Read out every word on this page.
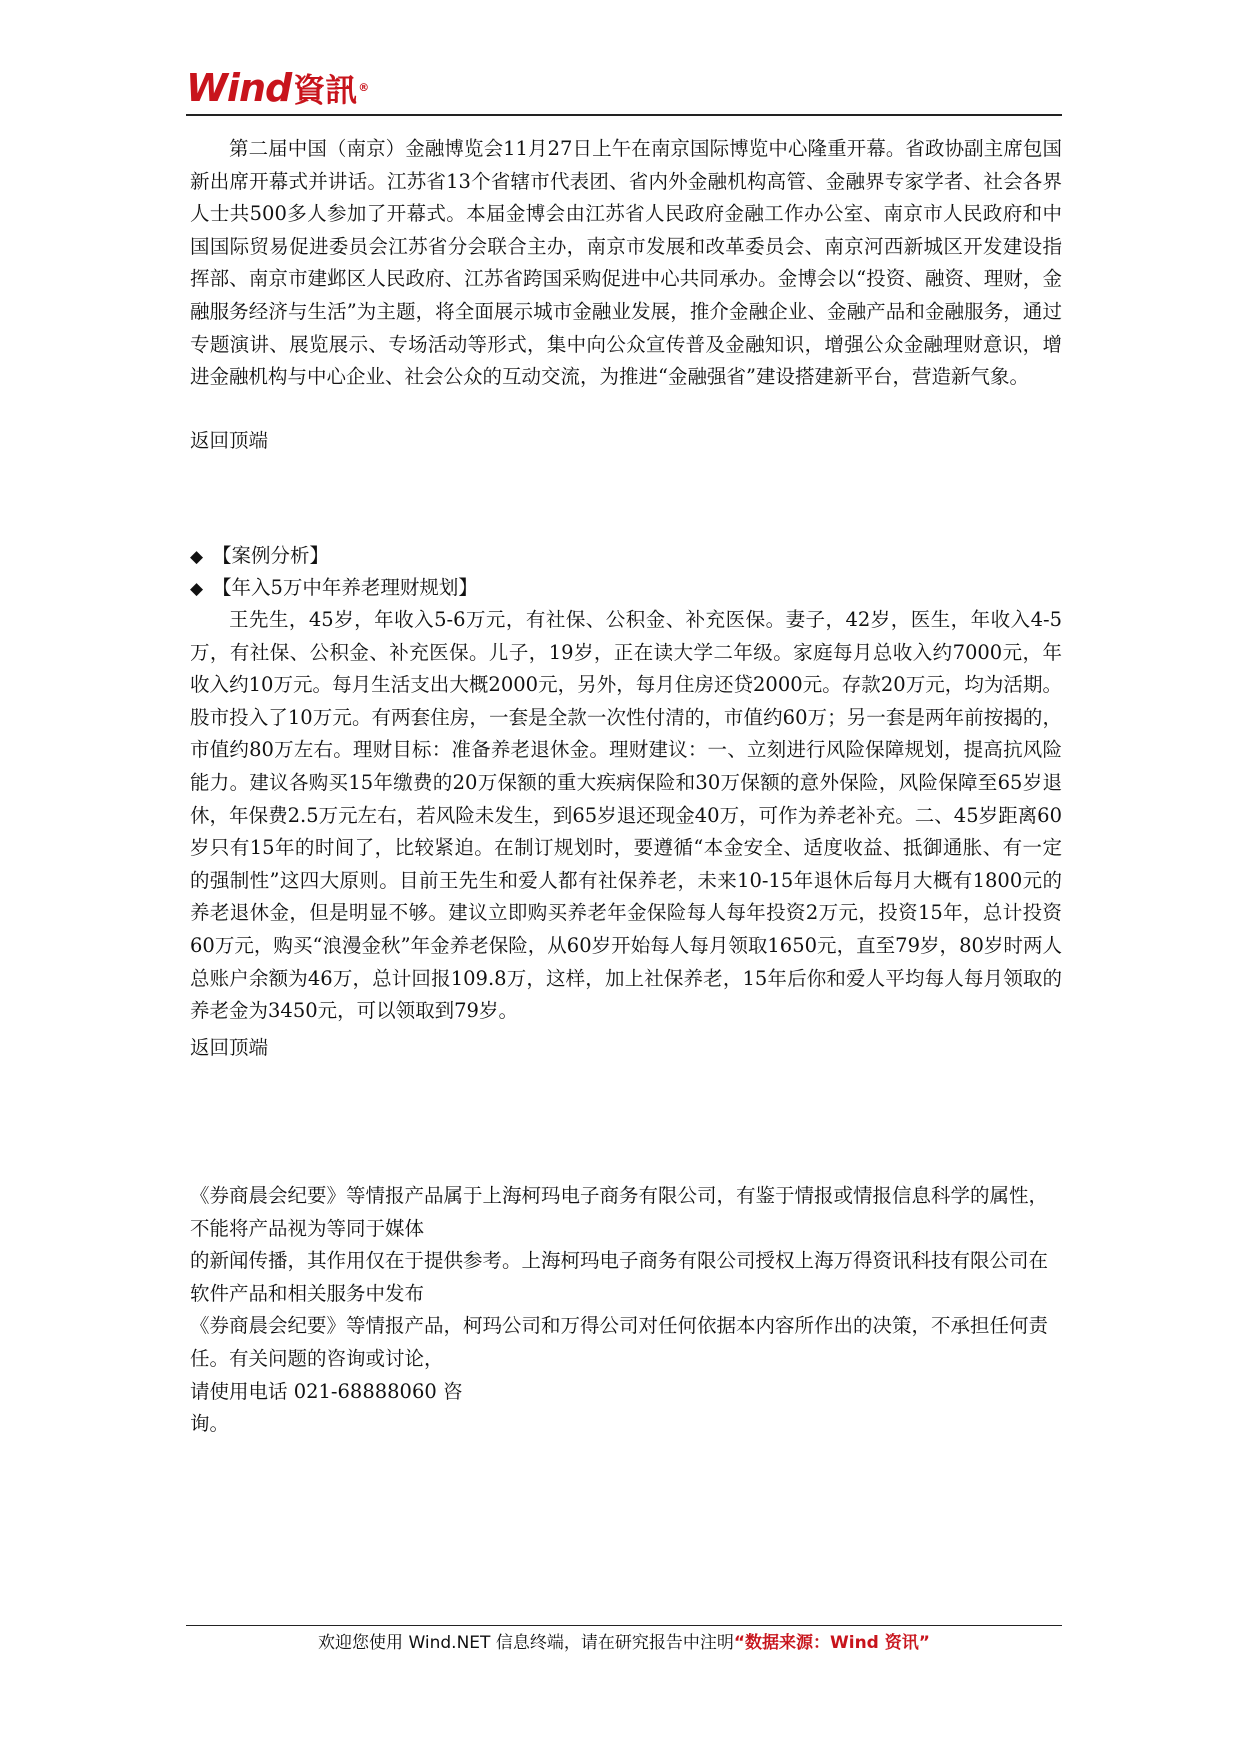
Wind資訊®

第二届中国（南京）金融博览会11月27日上午在南京国际博览中心隆重开幕。省政协副主席包国新出席开幕式并讲话。江苏省13个省辖市代表团、省内外金融机构高管、金融界专家学者、社会各界人士共500多人参加了开幕式。本届金博会由江苏省人民政府金融工作办公室、南京市人民政府和中国国际贸易促进委员会江苏省分会联合主办，南京市发展和改革委员会、南京河西新城区开发建设指挥部、南京市建邺区人民政府、江苏省跨国采购促进中心共同承办。金博会以“投资、融资、理财，金融服务经济与生活”为主题，将全面展示城市金融业发展，推介金融企业、金融产品和金融服务，通过专题演讲、展览展示、专场活动等形式，集中向公众宣传普及金融知识，增强公众金融理财意识，增进金融机构与中心企业、社会公众的互动交流，为推进“金融强省”建设搭建新平台，营造新气象。

返回顶端

◆ 【案例分析】
◆ 【年入5万中年养老理财规划】

王先生，45岁，年收入5-6万元，有社保、公积金、补充医保。妻子，42岁，医生，年收入4-5万，有社保、公积金、补充医保。儿子，19岁，正在读大学二年级。家庭每月总收入约7000元，年收入约10万元。每月生活支出大概2000元，另外，每月住房还贷2000元。存款20万元，均为活期。股市投入了10万元。有两套住房，一套是全款一次性付清的，市值约60万；另一套是两年前按揭的，市值约80万左右。理财目标：准备养老退休金。理财建议：一、立刻进行风险保障规划，提高抗风险能力。建议各购买15年缴费的20万保额的重大疾病保险和30万保额的意外保险，风险保障至65岁退休，年保费2.5万元左右，若风险未发生，到65岁退还现金40万，可作为养老补充。二、45岁距离60岁只有15年的时间了，比较紧迫。在制订规划时，要遵循“本金安全、适度收益、抵御通胀、有一定的强制性”这四大原则。目前王先生和爱人都有社保养老，未来10-15年退休后每月大概有1800元的养老退休金，但是明显不够。建议立即购买养老年金保险每人每年投资2万元，投资15年，总计投资60万元，购买“浪漫金秋”年金养老保险，从60岁开始每人每月领取1650元，直至79岁，80岁时两人总账户余额为46万，总计回报109.8万，这样，加上社保养老，15年后你和爱人平均每人每月领取的养老金为3450元，可以领取到79岁。

返回顶端

《券商晨会纪要》等情报产品属于上海柯玛电子商务有限公司，有鉴于情报或情报信息科学的属性，不能将产品视为等同于媒体
的新闻传播，其作用仅在于提供参考。上海柯玛电子商务有限公司授权上海万得资讯科技有限公司在软件产品和相关服务中发布
《券商晨会纪要》等情报产品，柯玛公司和万得公司对任何依据本内容所作出的决策，不承担任何责任。有关问题的咨询或讨论，
请使用电话 021-68888060 咨
询。
欢迎您使用 Wind.NET 信息终端，请在研究报告中注明“数据来源：Wind 资讯”
